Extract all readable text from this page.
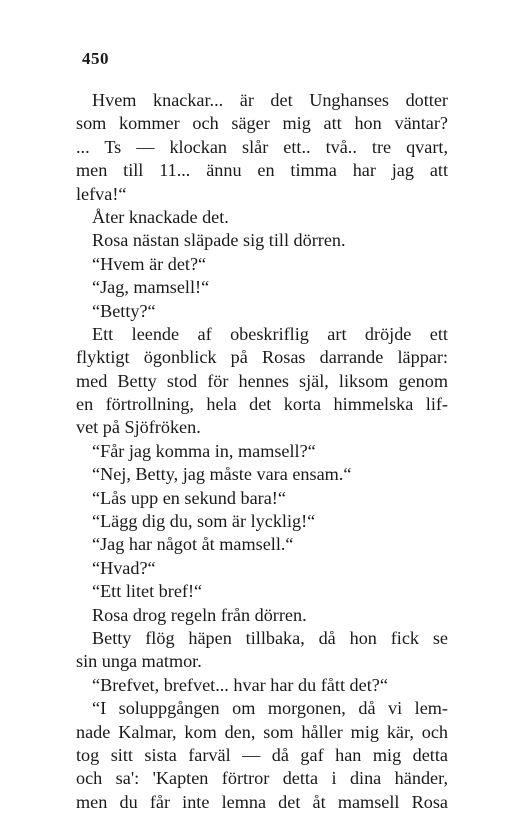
450
Hvem knackar... är det Unghanses dotter
som kommer och säger mig att hon väntar?
... Ts — klockan slår ett.. två.. tre qvart,
men till 11... ännu en timma har jag att
lefva!“
Åter knackade det.
Rosa nästan släpade sig till dörren.
“Hvem är det?“
“Jag, mamsell!“
“Betty?“
Ett leende af obeskriflig art dröjde ett
flyktigt ögonblick på Rosas darrande läppar:
med Betty stod för hennes själ, liksom genom
en förtrollning, hela det korta himmelska lif-
vet på Sjöfröken.
“Får jag komma in, mamsell?“
“Nej, Betty, jag måste vara ensam.“
“Lås upp en sekund bara!“
“Lägg dig du, som är lycklig!“
“Jag har något åt mamsell.“
“Hvad?“
“Ett litet bref!“
Rosa drog regeln från dörren.
Betty flög häpen tillbaka, då hon fick se
sin unga matmor.
“Brefvet, brefvet... hvar har du fått det?“
“I soluppgången om morgonen, då vi lem-
nade Kalmar, kom den, som håller mig kär, och
tog sitt sista farväl — då gaf han mig detta
och sa': 'Kapten förtror detta i dina händer,
men du får inte lemna det åt mamsell Rosa
